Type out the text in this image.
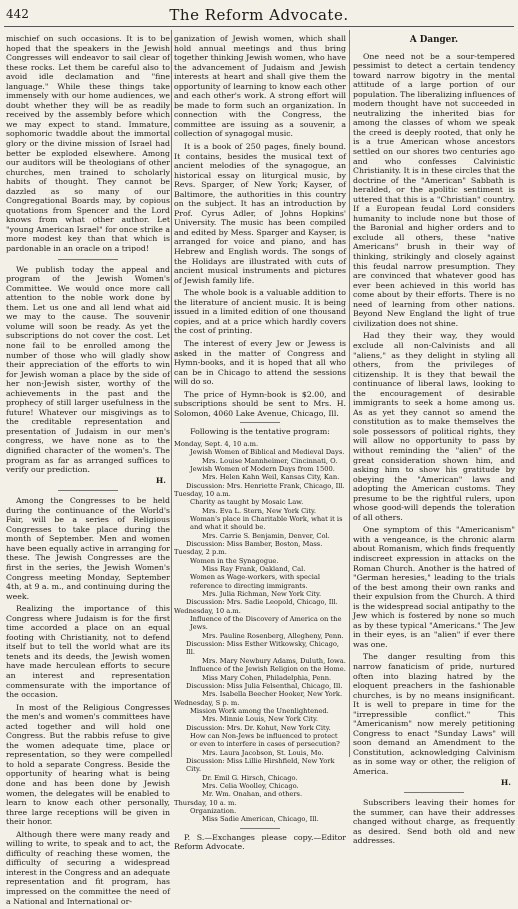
442	The Reform Advocate.

mischief on such occasions. It is to be hoped that the speakers in the Jewish Congresses will endeavor to sail clear of these rocks. Let them be careful also to avoid idle declamation and "fine language." While these things take immensely with our home audiences, we doubt whether they will be as readily received by the assembly before which we may expect to stand. Immature, sophomoric twaddle about the immortal glory or the divine mission of Israel had better be exploded elsewhere. Among our auditors will be theologians of other churches, men trained to scholarly habits of thought. They cannot be dazzled as so many of our Congregational Boards may, by copious quotations from Spencer and the Lord knows from what other author. Let "young American Israel" for once strike a more modest key than that which is pardonable in an oracle on a tripod!

We publish today the appeal and program of the Jewish Women's Committee. We would once more call attention to the noble work done by them. Let us one and all lend what aid we may to the cause. The souvenir volume will soon be ready. As yet the subscriptions do not cover the cost. Let none fail to be enrolled among the number of those who will gladly show their appreciation of the efforts to win for Jewish woman a place by the side of her non-Jewish sister, worthy of the achievements in the past and the prophecy of still larger usefulness in the future! Whatever our misgivings as to the creditable representation and presentation of Judaism in our men's congress, we have none as to the dignified character of the women's. The program as far as arranged suffices to verify our prediction.

H.

Among the Congresses to be held during the continuance of the World's Fair, will be a series of Religious Congresses to take place during the month of September. Men and women have been equally active in arranging for these. The Jewish Congresses are the first in the series, the Jewish Women's Congress meeting Monday, September 4th, at 9 a. m., and continuing during the week.

Realizing the importance of this Congress where Judaism is for the first time accorded a place on an equal footing with Christianity, not to defend itself but to tell the world what are its tenets and its deeds, the Jewish women have made herculean efforts to secure an interest and representation commensurate with the importance of the occasion.

In most of the Religious Congresses the men's and women's committees have acted together and will hold one Congress. But the rabbis refuse to give the women adequate time, place or representation, so they were compelled to hold a separate Congress. Beside the opportunity of hearing what is being done and has been done by Jewish women, the delegates will be enabled to learn to know each other personally, three large receptions will be given in their honor.

Although there were many ready and willing to write, to speak and to act, the difficulty of reaching these women, the difficulty of securing a widespread interest in the Congress and an adequate representation and fit program, has impressed on the committee the need of a National and International or-

ganization of Jewish women, which shall hold annual meetings and thus bring together thinking Jewish women, who have the advancement of Judaism and Jewish interests at heart and shall give them the opportunity of learning to know each other and each other's work. A strong effort will be made to form such an organization. In connection with the Congress, the committee are issuing as a souvenir, a collection of synagogal music.

It is a book of 250 pages, finely bound. It contains, besides the musical text of ancient melodies of the synagogue, an historical essay on liturgical music, by Revs. Sparger, of New York; Kayser, of Baltimore, the authorities in this country on the subject. It has an introduction by Prof. Cyrus Adler, of Johns Hopkins' University. The music has been compiled and edited by Mess. Sparger and Kayser, is arranged for voice and piano, and has Hebrew and English words. The songs of the Holidays are illustrated with cuts of ancient musical instruments and pictures of Jewish family life.

The whole book is a valuable addition to the literature of ancient music. It is being issued in a limited edition of one thousand copies, and at a price which hardly covers the cost of printing.

The interest of every Jew or Jewess is asked in the matter of Congress and Hymn-books, and it is hoped that all who can be in Chicago to attend the sessions will do so.

The price of Hymn-book is $2.00, and subscriptions should be sent to Mrs. H. Solomon, 4060 Lake Avenue, Chicago, Ill.

Following is the tentative program:

Monday, Sept. 4, 10 a.m.
Jewish Women of Biblical and Medieval Days.
Mrs. Louise Mannheimer, Cincinnati, O.
Jewish Women of Modern Days from 1500.
Mrs. Helen Kahn Weil, Kansas City, Kan.
Discussion: Mrs. Henriette Frank, Chicago, Ill.
Tuesday, 10 a.m.
Charity as taught by Mosaic Law.
Mrs. Eva L. Stern, New York City.
Woman's place in Charitable Work, what it is and what it should be.
Mrs. Carrie S. Benjamin, Denver, Col.
Discussion: Miss Bamber, Boston, Mass.
Tuesday, 2 p.m.
Women in the Synagogue.
Miss Ray Frank, Oakland, Cal.
Women as Wage-workers, with special reference to directing immigrants.
Mrs. Julia Richman, New York City.
Discussion: Mrs. Sadie Leopold, Chicago, Ill.
Wednesday, 10 a.m.
Influence of the Discovery of America on the Jews.
Mrs. Pauline Rosenberg, Allegheny, Penn.
Discussion: Miss Esther Witkowsky, Chicago, Ill.
Mrs. Mary Newbury Adams, Duluth, Iowa.
Influence of the Jewish Religion on the Home.
Miss Mary Cohen, Philadelphia, Penn.
Discussion: Miss Julia Felsenthal, Chicago, Ill.
Mrs. Isabella Beecher Hooker, New York.
Wednesday, S p. m.
Mission Work among the Unenlightened.
Mrs. Minnie Louis, New York City.
Discussion: Mrs. Dr. Kohut, New York City.
How can Non-Jews be influenced to protect or even to interfere in cases of persecution?
Mrs. Laura Jacobson, St. Louis, Mo.
Discussion: Miss Lillie Hirshfield, New York City.
Dr. Emil G. Hirsch, Chicago.
Mrs. Celia Woolley, Chicago.
Mr. Wm. Onahan, and others.
Thursday, 10 a. m.
Organization.
Miss Sadie American, Chicago, Ill.

P. S.—Exchanges please copy.—Editor Reform Advocate.

A Danger.

One need not be a sour-tempered pessimist to detect a certain tendency toward narrow bigotry in the mental attitude of a large portion of our population. The liberalizing influences of modern thought have not succeeded in neutralizing the inherited bias for among the classes of whom we speak the creed is deeply rooted, that only he is a true American whose ancestors settled on our shores two centuries ago and who confesses Calvinistic Christianity. It is in these circles that the doctrine of the "American" Sabbath is heralded, or the apolitic sentiment is uttered that this is a "Christian" country. If a European feudal Lord considers humanity to include none but those of the Baronial and higher orders and to exclude all others, these "native Americans" brush in their way of thinking, strikingly and closely against this feudal narrow presumption. They are convinced that whatever good has ever been achieved in this world has come about by their efforts. There is no need of learning from other nations. Beyond New England the light of true civilization does not shine.

Had they their way, they would exclude all non-Calvinists and all "aliens," as they delight in styling all others, from the privileges of citizenship. It is they that bewail the continuance of liberal laws, looking to the encouragement of desirable immigrants to seek a home among us. As as yet they cannot so amend the constitution as to make themselves the sole possessors of political rights, they will allow no opportunity to pass by without reminding the "alien" of the great consideration shown him, and asking him to show his gratitude by obeying the "American" laws and adopting the American customs. They presume to be the rightful rulers, upon whose good-will depends the toleration of all others.

One symptom of this "Americanism" with a vengeance, is the chronic alarm about Romanism, which finds frequently indiscreet expression in attacks on the Roman Church. Another is the hatred of "German heresies," leading to the trials of the best among their own ranks and their expulsion from the Church. A third is the widespread social antipathy to the Jew which is fostered by none so much as by these typical "Americans." The Jew in their eyes, is an "alien" if ever there was one.

The danger resulting from this narrow fanaticism of pride, nurtured often into blazing hatred by the eloquent preachers in the fashionable churches, is by no means insignificant. It is well to prepare in time for the "irrepressible conflict." This "Americanism" now merely petitioning Congress to enact "Sunday Laws" will soon demand an Amendment to the Constitution, acknowledging Calvinism as in some way or other, the religion of America.

H.

Subscribers leaving their homes for the summer, can have their addresses changed without charge, as frequently as desired. Send both old and new addresses.
